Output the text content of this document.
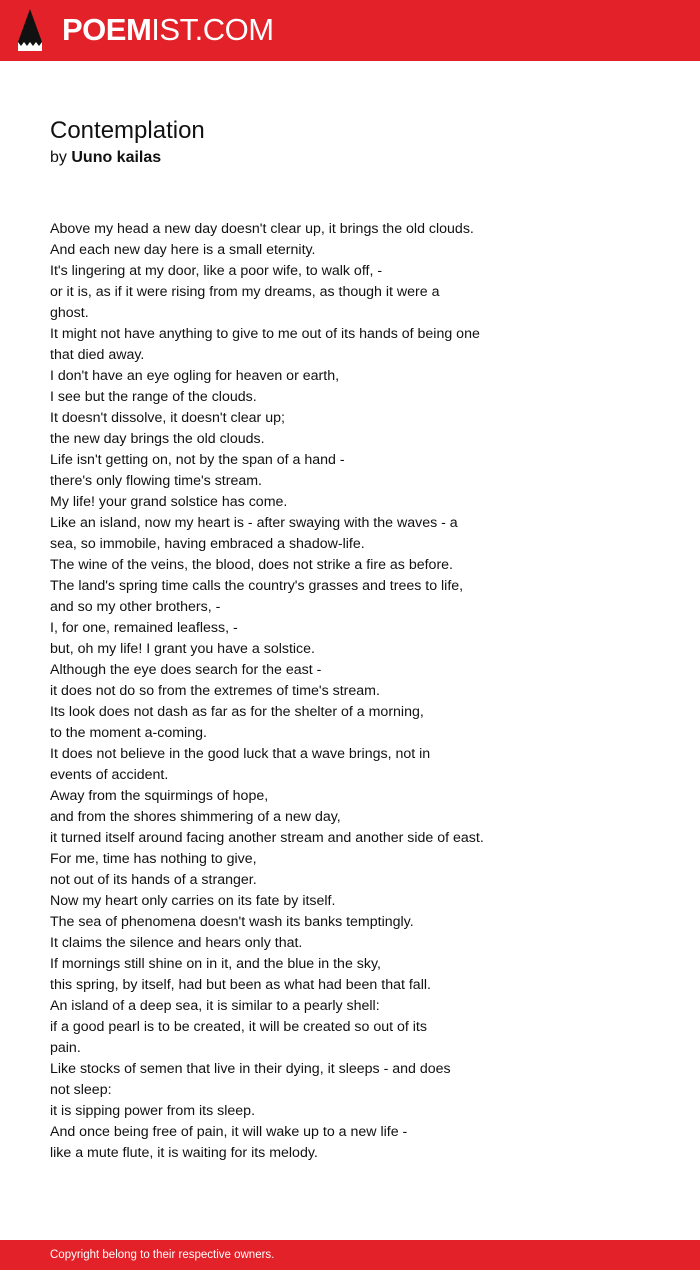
POEMIST.COM
Contemplation
by Uuno kailas
Above my head a new day doesn't clear up, it brings the old clouds.
And each new day here is a small eternity.
It's lingering at my door, like a poor wife, to walk off, -
or it is, as if it were rising from my dreams, as though it were a
ghost.
It might not have anything to give to me out of its hands of being one
that died away.
I don't have an eye ogling for heaven or earth,
I see but the range of the clouds.
It doesn't dissolve, it doesn't clear up;
the new day brings the old clouds.
Life isn't getting on, not by the span of a hand -
there's only flowing time's stream.
My life! your grand solstice has come.
Like an island, now my heart is - after swaying with the waves - a
sea, so immobile, having embraced a shadow-life.
The wine of the veins, the blood, does not strike a fire as before.
The land's spring time calls the country's grasses and trees to life,
and so my other brothers, -
I, for one, remained leafless, -
but, oh my life! I grant you have a solstice.
Although the eye does search for the east -
it does not do so from the extremes of time's stream.
Its look does not dash as far as for the shelter of a morning,
to the moment a-coming.
It does not believe in the good luck that a wave brings, not in
events of accident.
Away from the squirmings of hope,
and from the shores shimmering of a new day,
it turned itself around facing another stream and another side of east.
For me, time has nothing to give,
not out of its hands of a stranger.
Now my heart only carries on its fate by itself.
The sea of phenomena doesn't wash its banks temptingly.
It claims the silence and hears only that.
If mornings still shine on in it, and the blue in the sky,
this spring, by itself, had but been as what had been that fall.
An island of a deep sea, it is similar to a pearly shell:
if a good pearl is to be created, it will be created so out of its
pain.
Like stocks of semen that live in their dying, it sleeps - and does
not sleep:
it is sipping power from its sleep.
And once being free of pain, it will wake up to a new life -
like a mute flute, it is waiting for its melody.
Copyright belong to their respective owners.
